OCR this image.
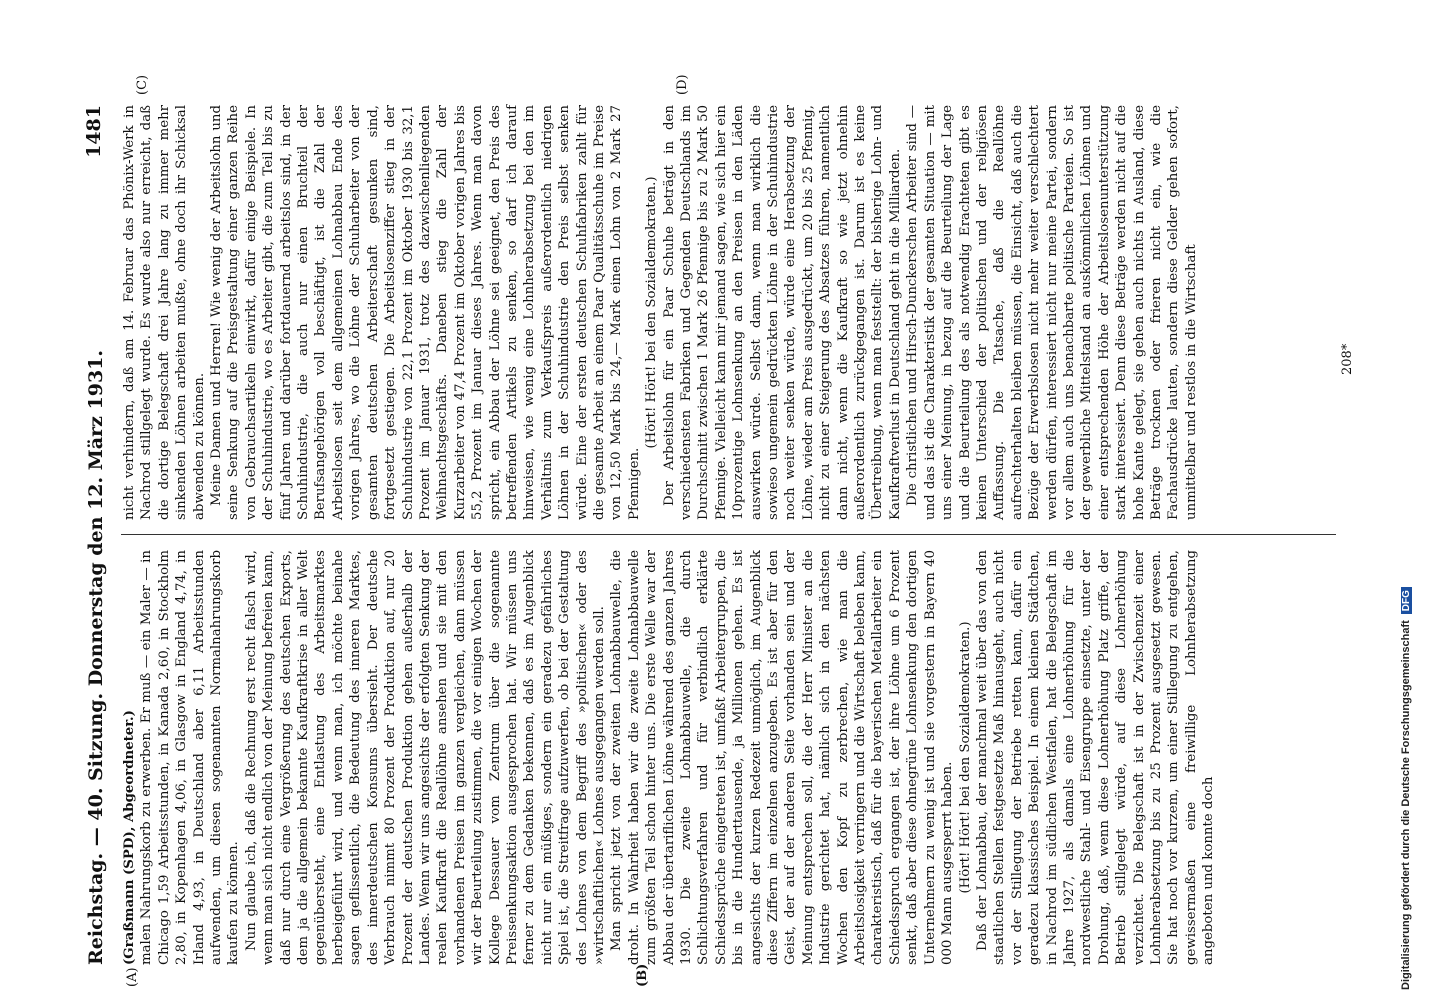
Reichstag. — 40. Sitzung. Donnerstag den 12. März 1931.
1481
(A)	(B)
(C)	(D)

(Graßmann (SPD), Abgeordneter.) malen Nahrungskorb zu erwerben. Er muß — ein Maler — in Chicago 1,59 Arbeitsstunden, in Kanada 2,60, in Stockholm 2,80, in Kopenhagen 4,06, in Glasgow in England 4,74, in Irland 4,93, in Deutschland aber 6,11 Arbeitsstunden aufwenden, um diesen sogenannten Normalnahrungskorb kaufen zu können. Nun glaube ich, daß die Rechnung erst recht falsch wird, wenn man sich nicht endlich von der Meinung befreien kann, daß nur durch eine Vergrößerung des deutschen Exports, dem ja die allgemein bekannte Kaufkraftkrise in aller Welt gegenübersteht, eine Entlastung des Arbeitsmarktes herbeigeführt wird, und wenn man, ich möchte beinahe sagen geflissentlich, die Bedeutung des inneren Marktes, des innerdeutschen Konsums übersieht. Der deutsche Verbrauch nimmt 80 Prozent der Produktion auf, nur 20 Prozent der deutschen Produktion gehen außerhalb der Landes. Wenn wir uns angesichts der erfolgten Senkung der realen Kaufkraft die Reallöhne ansehen und sie mit den vorhandenen Preisen im ganzen vergleichen, dann müssen wir der Beurteilung zustimmen, die vor einigen Wochen der Kollege Dessauer vom Zentrum über die sogenannte Preissenkungsaktion ausgesprochen hat. Wir müssen uns ferner zu dem Gedanken bekennen, daß es im Augenblick nicht nur ein müßiges, sondern ein geradezu gefährliches Spiel ist, die Streitfrage aufzuwerfen, ob bei der Gestaltung des Lohnes von dem Begriff des »politischen« oder des »wirtschaftlichen« Lohnes ausgegangen werden soll. Man spricht jetzt von der zweiten Lohnabbauwelle, die droht. In Wahrheit haben wir die zweite Lohnabbauwelle zum größten Teil schon hinter uns. Die erste Welle war der Abbau der übertariflichen Löhne während des ganzen Jahres 1930. Die zweite Lohnabbauwelle, die durch Schlichtungsverfahren und für verbindlich erklärte Schiedssprüche eingetreten ist, umfaßt Arbeitergruppen, die bis in die Hunderttausende, ja Millionen gehen. Es ist angesichts der kurzen Redezeit unmöglich, im Augenblick diese Ziffern im einzelnen anzugeben. Es ist aber für den Geist, der auf der anderen Seite vorhanden sein und der Meinung entsprechen soll, die der Herr Minister an die Industrie gerichtet hat, nämlich sich in den nächsten Wochen den Kopf zu zerbrechen, wie man die Arbeitslosigkeit verringern und die Wirtschaft beleben kann, charakteristisch, daß für die bayerischen Metallarbeiter ein Schiedsspruch ergangen ist, der ihre Löhne um 6 Prozent senkt, daß aber diese ohnegrüne Lohnsenkung den dortigen Unternehmern zu wenig ist und sie vorgestern in Bayern 40 000 Mann ausgesperrt haben. (Hört! Hört! bei den Sozialdemokraten.) Daß der Lohnabbau, der manchmal weit über das von den staatlichen Stellen festgesetzte Maß hinausgeht, auch nicht vor der Stillegung der Betriebe retten kann, dafür ein geradezu klassisches Beispiel. In einem kleinen Städtchen, in Nachrod im südlichen Westfalen, hat die Belegschaft im Jahre 1927, als damals eine Lohnerhöhung für die nordwestliche Stahl- und Eisengruppe einsetzte, unter der Drohung, daß, wenn diese Lohnerhöhung Platz griffe, der Betrieb stillgelegt würde, auf diese Lohnerhöhung verzichtet. Die Belegschaft ist in der Zwischenzeit einer Lohnherabsetzung bis zu 25 Prozent ausgesetzt gewesen. Sie hat noch vor kurzem, um einer Stillegung zu entgehen, gewissermaßen eine freiwillige Lohnherabsetzung angeboten und konnte doch

nicht verhindern, daß am 14. Februar das Phönix-Werk in Nachrod stillgelegt wurde. Es wurde also nur erreicht, daß die dortige Belegschaft drei Jahre lang zu immer mehr sinkenden Löhnen arbeiten mußte, ohne doch ihr Schicksal abwenden zu können. Meine Damen und Herren! Wie wenig der Arbeitslohn und seine Senkung auf die Preisgestaltung einer ganzen Reihe von Gebrauchsartikeln einwirkt, dafür einige Beispiele. In der Schuhindustrie, wo es Arbeiter gibt, die zum Teil bis zu fünf Jahren und darüber fortdauernd arbeitslos sind, in der Schuhindustrie, die auch nur einen Bruchteil der Berufsangehörigen voll beschäftigt, ist die Zahl der Arbeitslosen seit dem allgemeinen Lohnabbau Ende des vorigen Jahres, wo die Löhne der Schuharbeiter von der gesamten deutschen Arbeiterschaft gesunken sind, fortgesetzt gestiegen. Die Arbeitslosenziffer stieg in der Schuhindustrie von 22,1 Prozent im Oktober 1930 bis 32,1 Prozent im Januar 1931, trotz des dazwischenliegenden Weihnachtsgeschäfts. Daneben stieg die Zahl der Kurzarbeiter von 47,4 Prozent im Oktober vorigen Jahres bis 55,2 Prozent im Januar dieses Jahres. Wenn man davon spricht, ein Abbau der Löhne sei geeignet, den Preis des betreffenden Artikels zu senken, so darf ich darauf hinweisen, wie wenig eine Lohnherabsetzung bei den im Verhältnis zum Verkaufspreis außerordentlich niedrigen Löhnen in der Schuhindustrie den Preis selbst senken würde. Eine der ersten deutschen Schuhfabriken zahlt für die gesamte Arbeit an einem Paar Qualitätsschuhe im Preise von 12,50 Mark bis 24,— Mark einen Lohn von 2 Mark 27 Pfennigen.

(Hört! Hört! bei den Sozialdemokraten.) Der Arbeitslohn für ein Paar Schuhe beträgt in den verschiedensten Fabriken und Gegenden Deutschlands im Durchschnitt zwischen 1 Mark 26 Pfennige bis zu 2 Mark 50 Pfennige. Vielleicht kann mir jemand sagen, wie sich hier ein 10prozentige Lohnsenkung an den Preisen in den Läden auswirken würde. Selbst dann, wenn man wirklich die sowieso ungemein gedrückten Löhne in der Schuhindustrie noch weiter senken würde, würde eine Herabsetzung der Löhne, wieder am Preis ausgedrückt, um 20 bis 25 Pfennig, nicht zu einer Steigerung des Absatzes führen, namentlich dann nicht, wenn die Kaufkraft so wie jetzt ohnehin außerordentlich zurückgegangen ist. Darum ist es keine Übertreibung, wenn man feststellt: der bisherige Lohn- und Kaufkraftverlust in Deutschland geht in die Milliarden. Die christlichen und Hirsch-Dunckerschen Arbeiter sind — und das ist die Charakteristik der gesamten Situation — mit uns einer Meinung, in bezug auf die Beurteilung der Lage und die Beurteilung des als notwendig Erachteten gibt es keinen Unterschied der politischen und der religiösen Auffassung. Die Tatsache, daß die Reallöhne aufrechterhalten bleiben müssen, die Einsicht, daß auch die Bezüge der Erwerbslosen nicht mehr weiter verschlechtert werden dürfen, interessiert nicht nur meine Partei, sondern vor allem auch uns benachbarte politische Parteien. So ist der gewerbliche Mittelstand an auskömmlichen Löhnen und einer entsprechenden Höhe der Arbeitslosenunterstützung stark interessiert. Denn diese Beträge werden nicht auf die hohe Kante gelegt, sie gehen auch nichts in Ausland, diese Beträge trocknen oder frieren nicht ein, wie die Fachausdrücke lauten, sondern diese Gelder gehen sofort, unmittelbar und restlos in die Wirtschaft	208*
Digitalisierung gefördert durch die Deutsche ForschungsgemeinschaftDFG
